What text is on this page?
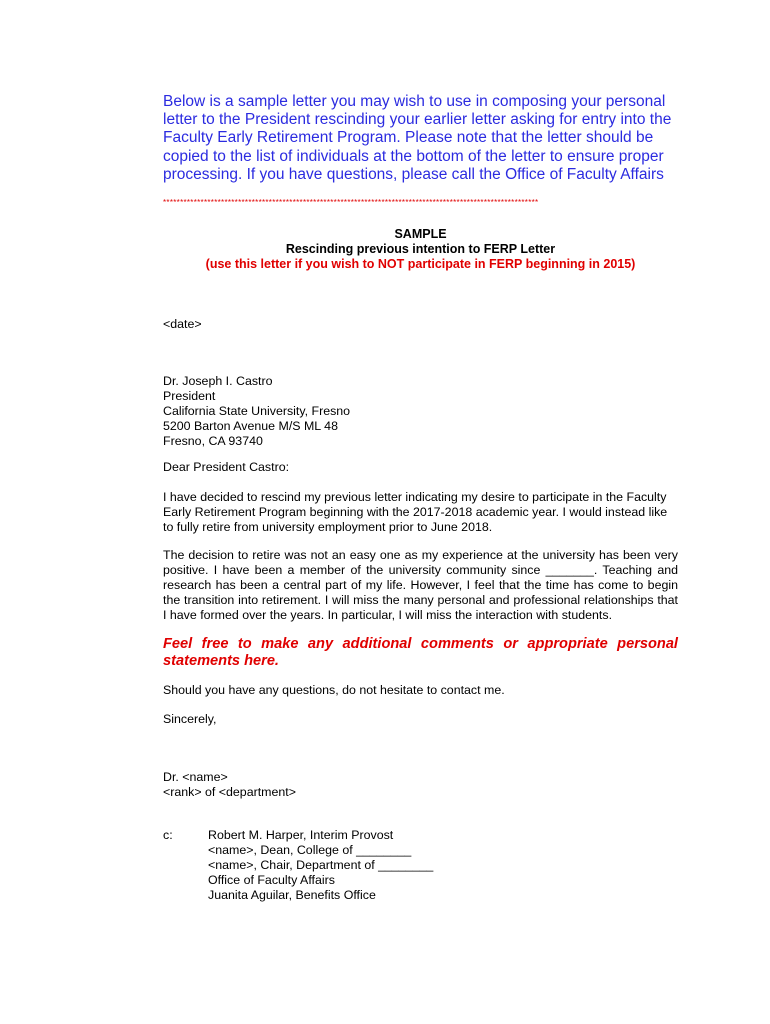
Below is a sample letter you may wish to use in composing your personal letter to the President rescinding your earlier letter asking for entry into the Faculty Early Retirement Program. Please note that the letter should be copied to the list of individuals at the bottom of the letter to ensure proper processing. If you have questions, please call the Office of Faculty Affairs

**************************************************************************************************************
SAMPLE
Rescinding previous intention to FERP Letter
(use this letter if you wish to NOT participate in FERP beginning in 2015)
<date>
Dr. Joseph I. Castro
President
California State University, Fresno
5200 Barton Avenue M/S ML 48
Fresno, CA 93740
Dear President Castro:

I have decided to rescind my previous letter indicating my desire to participate in the Faculty Early Retirement Program beginning with the 2017-2018 academic year. I would instead like to fully retire from university employment prior to June 2018.

The decision to retire was not an easy one as my experience at the university has been very positive. I have been a member of the university community since _______. Teaching and research has been a central part of my life. However, I feel that the time has come to begin the transition into retirement. I will miss the many personal and professional relationships that I have formed over the years. In particular, I will miss the interaction with students.

Feel free to make any additional comments or appropriate personal statements here.
Should you have any questions, do not hesitate to contact me.
Sincerely,
Dr. <name>
<rank> of <department>
c:	Robert M. Harper, Interim Provost
<name>, Dean, College of ________
<name>, Chair, Department of ________
Office of Faculty Affairs
Juanita Aguilar, Benefits Office
